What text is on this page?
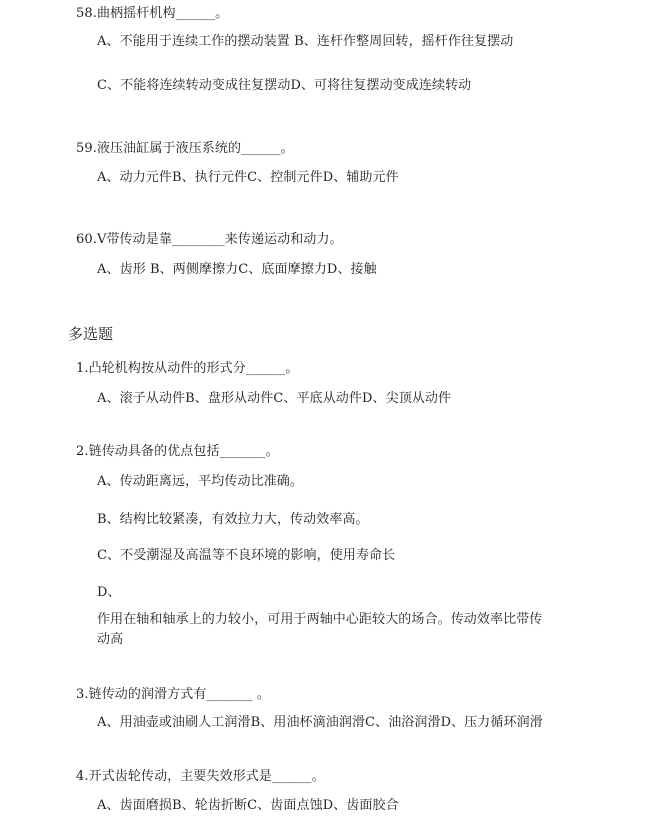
58.曲柄摇杆机构______。
A、不能用于连续工作的摆动装置 B、连杆作整周回转，摇杆作往复摆动
C、不能将连续转动变成往复摆动D、可将往复摆动变成连续转动
59.液压油缸属于液压系统的______。
A、动力元件B、执行元件C、控制元件D、辅助元件
60.V带传动是靠________来传递运动和动力。
A、齿形 B、两侧摩擦力C、底面摩擦力D、接触
多选题
1.凸轮机构按从动件的形式分______。
A、滚子从动件B、盘形从动件C、平底从动件D、尖顶从动件
2.链传动具备的优点包括_______。
A、传动距离远，平均传动比准确。
B、结构比较紧凑，有效拉力大，传动效率高。
C、不受潮湿及高温等不良环境的影响，使用寿命长
D、
作用在轴和轴承上的力较小，可用于两轴中心距较大的场合。传动效率比带传
动高
3.链传动的润滑方式有_______ 。
A、用油壶或油刷人工润滑B、用油杯滴油润滑C、油浴润滑D、压力循环润滑
4.开式齿轮传动，主要失效形式是______。
A、齿面磨损B、轮齿折断C、齿面点蚀D、齿面胶合
